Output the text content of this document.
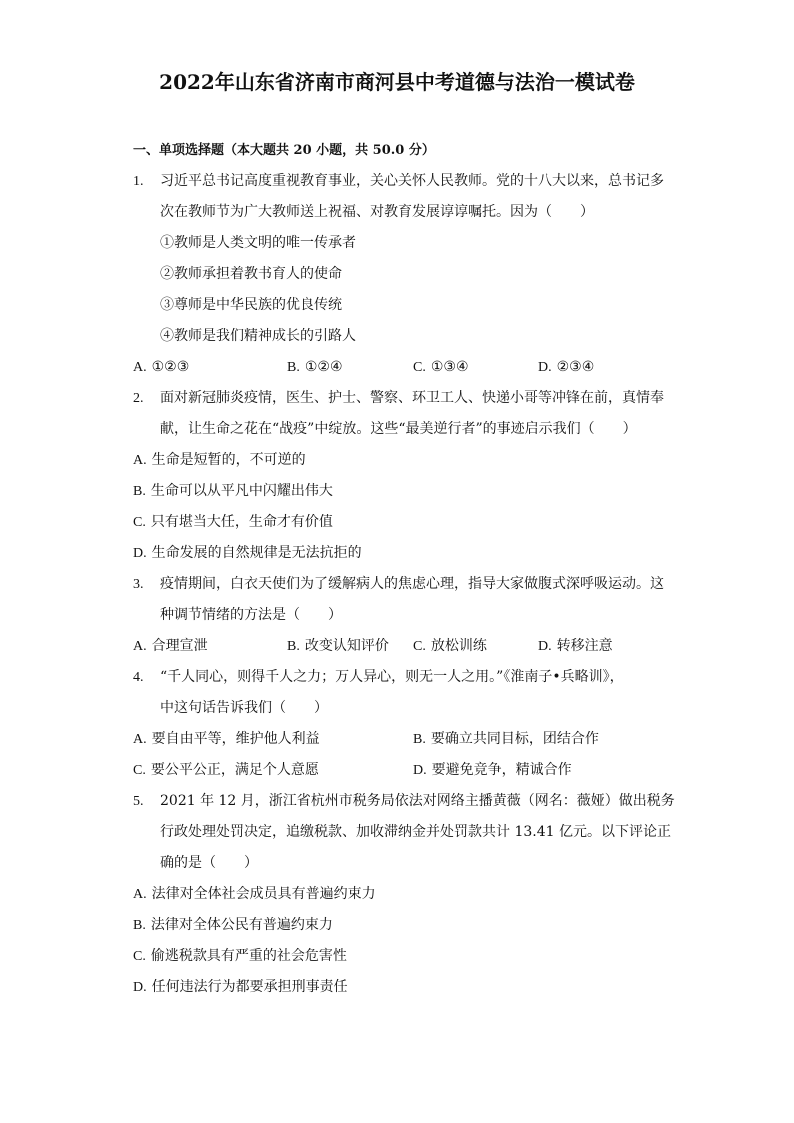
2022年山东省济南市商河县中考道德与法治一模试卷
一、单项选择题（本大题共 20 小题，共 50.0 分）
1. 习近平总书记高度重视教育事业，关心关怀人民教师。党的十八大以来，总书记多
次在教师节为广大教师送上祝福、对教育发展谆谆嘱托。因为（　　）
①教师是人类文明的唯一传承者
②教师承担着教书育人的使命
③尊师是中华民族的优良传统
④教师是我们精神成长的引路人
A. ①②③	B. ①②④	C. ①③④	D. ②③④
2. 面对新冠肺炎疫情，医生、护士、警察、环卫工人、快递小哥等冲锋在前，真情奉
献，让生命之花在“战疫”中绽放。这些“最美逆行者”的事迹启示我们（　　）
A. 生命是短暂的，不可逆的
B. 生命可以从平凡中闪耀出伟大
C. 只有堪当大任，生命才有价值
D. 生命发展的自然规律是无法抗拒的
3. 疫情期间，白衣天使们为了缓解病人的焦虑心理，指导大家做腹式深呼吸运动。这
种调节情绪的方法是（　　）
A. 合理宣泄	B. 改变认知评价 C. 放松训练	D. 转移注意
4. “千人同心，则得千人之力；万人异心，则无一人之用。”《淮南子•兵略训》，
中这句话告诉我们（　　）
A. 要自由平等，维护他人利益	B. 要确立共同目标，团结合作
C. 要公平公正，满足个人意愿	D. 要避免竞争，精诚合作
5. 2021 年 12 月，浙江省杭州市税务局依法对网络主播黄薇（网名：薇娅）做出税务
行政处理处罚决定，追缴税款、加收滞纳金并处罚款共计 13.41 亿元。以下评论正
确的是（　　）
A. 法律对全体社会成员具有普遍约束力
B. 法律对全体公民有普遍约束力
C. 偷逃税款具有严重的社会危害性
D. 任何违法行为都要承担刑事责任
